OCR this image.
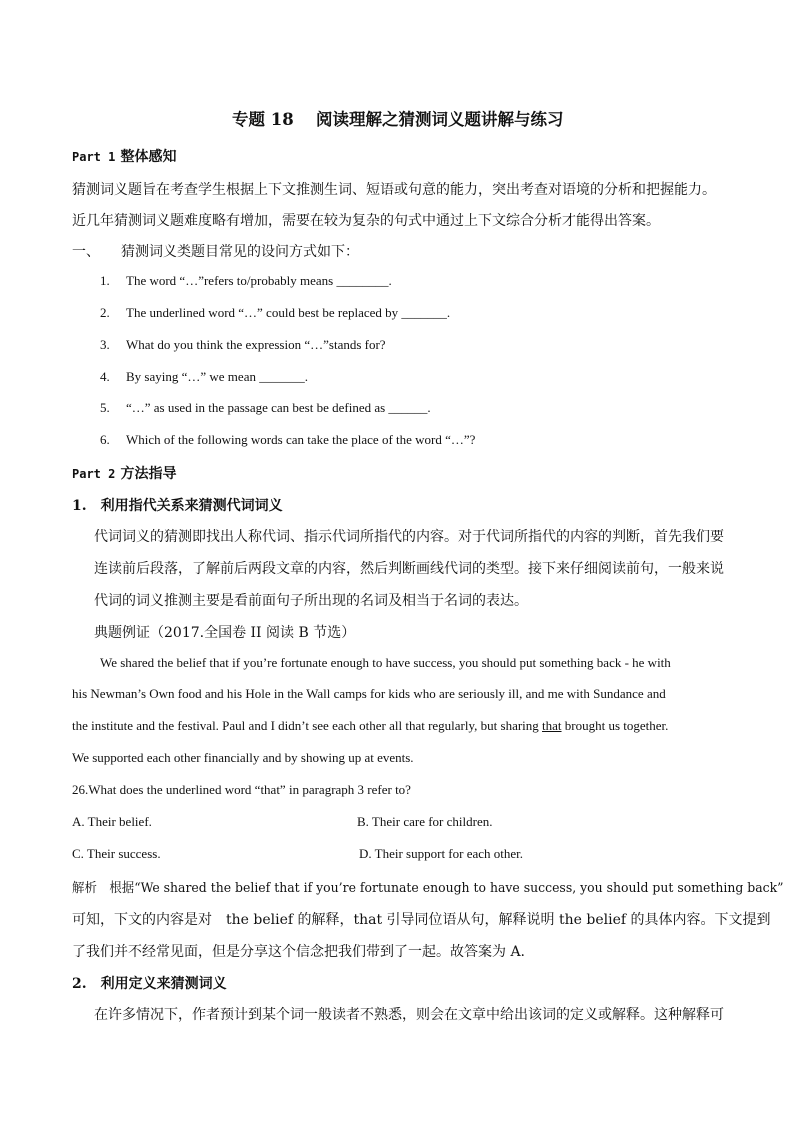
专题 18　 阅读理解之猜测词义题讲解与练习
Part 1 整体感知
猜测词义题旨在考查学生根据上下文推测生词、短语或句意的能力，突出考查对语境的分析和把握能力。
近几年猜测词义题难度略有增加，需要在较为复杂的句式中通过上下文综合分析才能得出答案。
一、　　猜测词义类题目常见的设问方式如下：
1. The word “…”refers to/probably means ________.
2. The underlined word “…” could best be replaced by _______.
3. What do you think the expression “…”stands for?
4. By saying “…” we mean _______.
5. “…” as used in the passage can best be defined as ______.
6. Which of the following words can take the place of the word “…”?
Part 2 方法指导
1.　利用指代关系来猜测代词词义
代词词义的猜测即找出人称代词、指示代词所指代的内容。对于代词所指代的内容的判断，首先我们要
连读前后段落，了解前后两段文章的内容，然后判断画线代词的类型。接下来仔细阅读前句，一般来说
代词的词义推测主要是看前面句子所出现的名词及相当于名词的表达。
典题例证（2017.全国卷 II 阅读 B 节选）
We shared the belief that if you’re fortunate enough to have success, you should put something back - he with
his Newman’s Own food and his Hole in the Wall camps for kids who are seriously ill, and me with Sundance and
the institute and the festival. Paul and I didn’t see each other all that regularly, but sharing that brought us together.
We supported each other financially and by showing up at events.
26.What does the underlined word “that” in paragraph 3 refer to?
A. Their belief.	B. Their care for children.
C. Their success.	D. Their support for each other.
解析　根据“We shared the belief that if you’re fortunate enough to have success, you should put something back”
可知，下文的内容是对　the belief 的解释，that 引导同位语从句，解释说明 the belief 的具体内容。下文提到
了我们并不经常见面，但是分享这个信念把我们带到了一起。故答案为 A.
2.　利用定义来猜测词义
在许多情况下，作者预计到某个词一般读者不熟悉，则会在文章中给出该词的定义或解释。这种解释可
